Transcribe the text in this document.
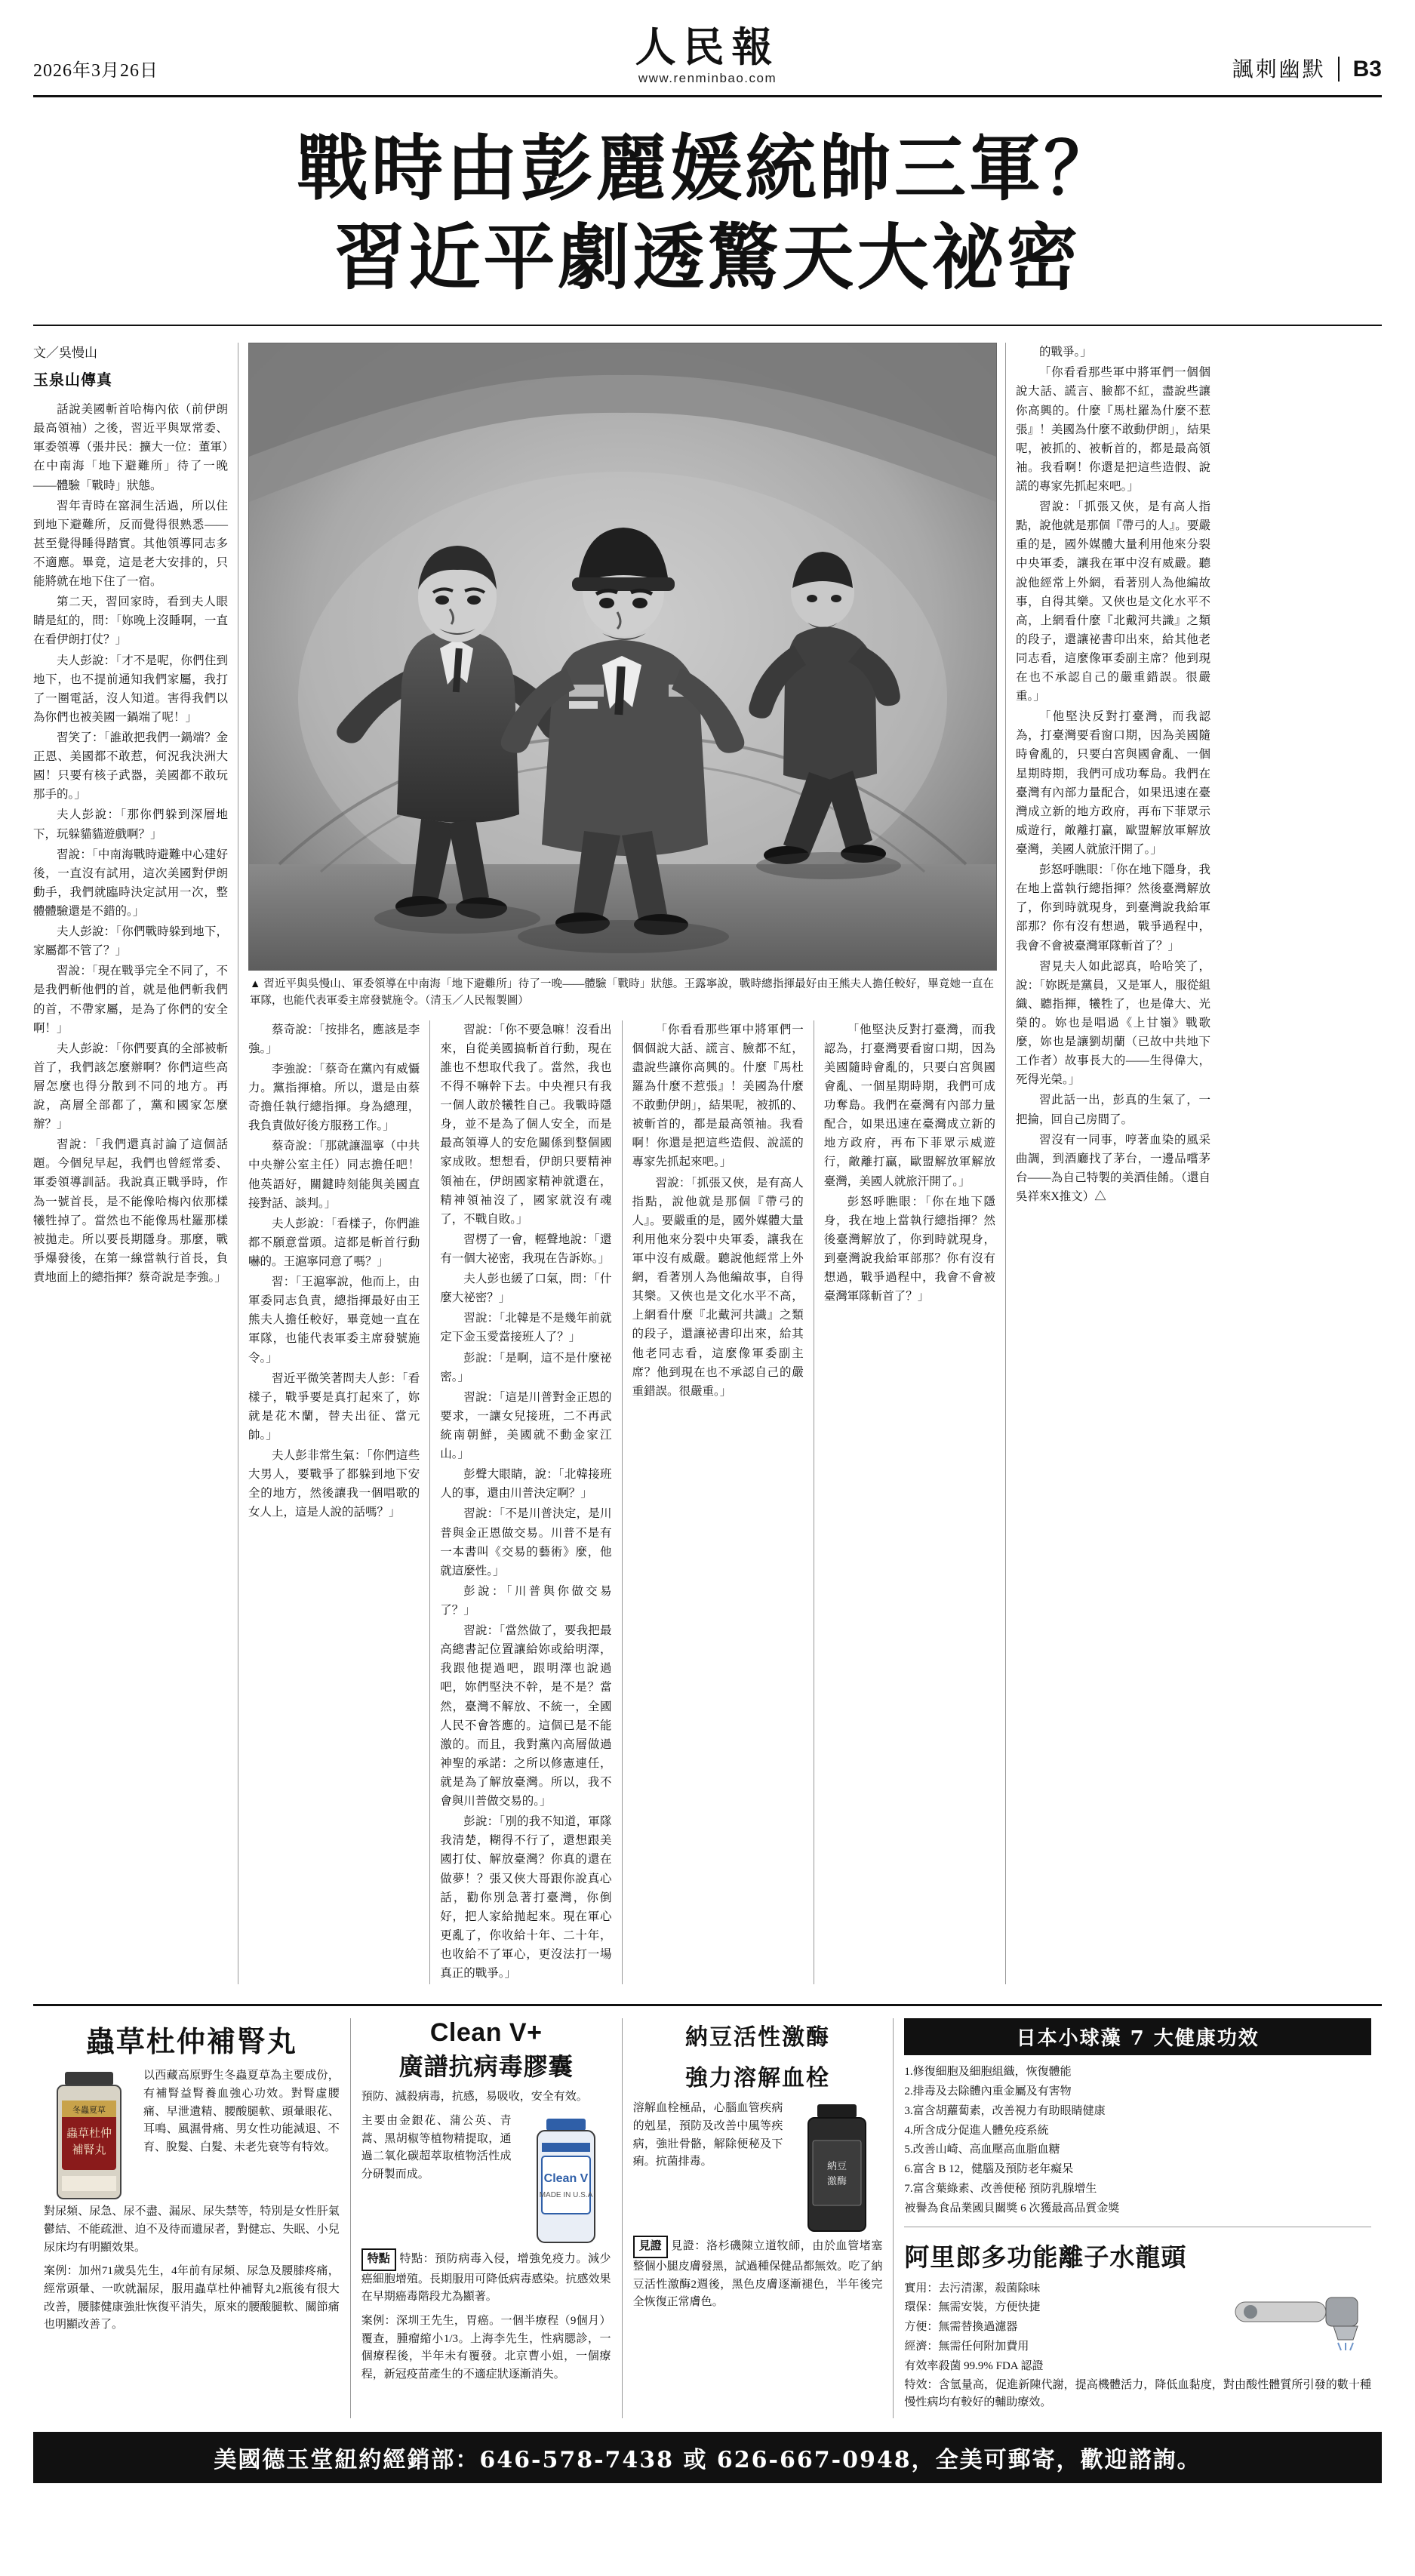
2026年3月26日	人民報
www.renminbao.com	諷刺幽默 B3
戰時由彭麗媛統帥三軍？
習近平劇透驚天大祕密
文／吳慢山
玉泉山傳真

話說美國斬首哈梅內依（前伊朗最高領袖）之後，習近平與眾常委、軍委領導（張井民：擴大一位：董軍）在中南海「地下避難所」待了一晚——體驗「戰時」狀態。

習年青時在窰洞生活過，所以住到地下避難所，反而覺得很熟悉——甚至覺得睡得踏實。其他領導同志多不適應。畢竟，這是老大安排的，只能將就在地下住了一宿。

第二天，習回家時，看到夫人眼睛是紅的，問：「妳晚上沒睡啊，一直在看伊朗打仗？」

夫人彭說：「才不是呢，你們住到地下，也不提前通知我們家屬，我打了一圈電話，沒人知道。害得我們以為你們也被美國一鍋端了呢！」

習笑了：「誰敢把我們一鍋端？金正恩、美國都不敢惹，何況我決洲大國！只要有核子武器，美國都不敢玩那手的。」

夫人彭說：「那你們躲到深層地下，玩躲貓貓遊戲啊？」

習說：「中南海戰時避難中心建好後，一直沒有試用，這次美國對伊朗動手，我們就臨時決定試用一次，整體體驗還是不錯的。」

夫人彭說：「你們戰時躲到地下，家屬都不管了？」

習說：「現在戰爭完全不同了，不是我們斬他們的首，就是他們斬我們的首，不帶家屬，是為了你們的安全啊！」

夫人彭說：「你們要真的全部被斬首了，我們該怎麼辦啊？你們這些高層怎麼也得分散到不同的地方。再說，高層全部都了，黨和國家怎麼辦？」

習說：「我們還真討論了這個話題。今個兒早起，我們也曾經常委、軍委領導訓話。我說真正戰爭時，作為一號首長，是不能像哈梅內依那樣犧牲掉了。當然也不能像馬杜羅那樣被拋走。所以要長期隱身。那麼，戰爭爆發後，在第一線當執行首長，負責地面上的總指揮？蔡奇說是李強。」

▲ 習近平與吳慢山、軍委領導在中南海「地下避難所」待了一晚——體驗「戰時」狀態。王露寧說，戰時總指揮最好由王熊夫人擔任較好，畢竟她一直在軍隊，也能代表軍委主席發號施令。（清玉／人民報製圖）

蔡奇說：「按排名，應該是李強。」

李強說：「蔡奇在黨內有威懾力。黨指揮槍。所以，還是由蔡奇擔任執行總指揮。身為總理，我負責做好後方服務工作。」

蔡奇說：「那就讓溫寧（中共中央辦公室主任）同志擔任吧！他英語好，關鍵時刻能與美國直接對話、談判。」

夫人彭說：「看樣子，你們誰都不願意當頭。這都是斬首行動嚇的。王滬寧同意了嗎？」

習：「王滬寧說，他而上，由軍委同志負責，總指揮最好由王熊夫人擔任較好，畢竟她一直在軍隊，也能代表軍委主席發號施令。」

習近平微笑著問夫人彭：「看樣子，戰爭要是真打起來了，妳就是花木蘭，替夫出征、當元帥。」

夫人彭非常生氣：「你們這些大男人，要戰爭了都躲到地下安全的地方，然後讓我一個唱歌的女人上，這是人說的話嗎？」

習說：「你不要急嘛！沒看出來，自從美國搞斬首行動，現在誰也不想取代我了。當然，我也不得不嘛幹下去。中央裡只有我一個人敢於犧牲自己。我戰時隱身，並不是為了個人安全，而是最高領導人的安危關係到整個國家成敗。想想看，伊朗只要精神領袖在，伊朗國家精神就還在，精神領袖沒了，國家就沒有魂了，不戰自敗。」

習楞了一會，輕聲地說：「還有一個大祕密，我現在告訴妳。」

夫人彭也緩了口氣，問：「什麼大祕密？」

習說：「北韓是不是幾年前就定下金玉愛當接班人了？」

彭說：「是啊，這不是什麼祕密。」

習說：「這是川普對金正恩的要求，一讓女兒接班，二不再武統南朝鮮，美國就不動金家江山。」

彭聲大眼睛，說：「北韓接班人的事，還由川普決定啊？」

習說：「不是川普決定，是川普與金正恩做交易。川普不是有一本書叫《交易的藝術》麼，他就這麼性。」

彭說：「川普與你做交易了？」

習說：「當然做了，要我把最高總書記位置讓給妳或給明澤，我跟他提過吧，跟明澤也說過吧，妳們堅決不幹，是不是？當然，臺灣不解放、不統一，全國人民不會答應的。這個已是不能激的。而且，我對黨內高層做過神聖的承諾：之所以修憲連任，就是為了解放臺灣。所以，我不會與川普做交易的。」

彭說：「別的我不知道，軍隊我清楚，糊得不行了，還想跟美國打仗、解放臺灣？你真的還在做夢！？張又俠大哥跟你說真心話，勸你別急著打臺灣，你倒好，把人家給拋起來。現在軍心更亂了，你收給十年、二十年，也收給不了軍心，更沒法打一場真正的戰爭。」

「你看看那些軍中將軍們一個個說大話、謊言、臉都不紅，盡說些讓你高興的。什麼『馬杜羅為什麼不惹張』！美國為什麼不敢動伊朗」，結果呢，被抓的、被斬首的，都是最高領袖。我看啊！你還是把這些造假、說謊的專家先抓起來吧。」

習說：「抓張又俠，是有高人指點，說他就是那個『帶弓的人』。要嚴重的是，國外媒體大量利用他來分裂中央軍委，讓我在軍中沒有威嚴。聽說他經常上外網，看著別人為他編故事，自得其樂。又俠也是文化水平不高，上網看什麼『北戴河共識』之類的段子，還讓祕書印出來，給其他老同志看，這麼像軍委副主席？他到現在也不承認自己的嚴重錯誤。很嚴重。」

「他堅決反對打臺灣，而我認為，打臺灣要看窗口期，因為美國隨時會亂的，只要白宮與國會亂、一個星期時期，我們可成功奪島。我們在臺灣有內部力量配合，如果迅速在臺灣成立新的地方政府，再布下菲眾示威遊行，敵離打贏，歐盟解放軍解放臺灣，美國人就旅汗開了。」

彭怒呼瞧眼：「你在地下隱身，我在地上當執行總指揮？然後臺灣解放了，你到時就現身，到臺灣說我給軍部那？你有沒有想過，戰爭過程中，我會不會被臺灣軍隊斬首了？」

的戰爭。」

「你看看那些軍中將軍們一個個說大話、謊言、臉都不紅，盡說些讓你高興的。什麼『馬杜羅為什麼不惹張』！美國為什麼不敢動伊朗」，結果呢，被抓的、被斬首的，都是最高領袖。我看啊！你還是把這些造假、說謊的專家先抓起來吧。」

習說：「抓張又俠，是有高人指點，說他就是那個『帶弓的人』。要嚴重的是，國外媒體大量利用他來分裂中央軍委，讓我在軍中沒有威嚴。聽說他經常上外網，看著別人為他編故事，自得其樂。又俠也是文化水平不高，上網看什麼『北戴河共識』之類的段子，還讓祕書印出來，給其他老同志看，這麼像軍委副主席？他到現在也不承認自己的嚴重錯誤。很嚴重。」

「他堅決反對打臺灣，而我認為，打臺灣要看窗口期，因為美國隨時會亂的，只要白宮與國會亂、一個星期時期，我們可成功奪島。我們在臺灣有內部力量配合，如果迅速在臺灣成立新的地方政府，再布下菲眾示威遊行，敵離打贏，歐盟解放軍解放臺灣，美國人就旅汗開了。」

彭怒呼瞧眼：「你在地下隱身，我在地上當執行總指揮？然後臺灣解放了，你到時就現身，到臺灣說我給軍部那？你有沒有想過，戰爭過程中，我會不會被臺灣軍隊斬首了？」

習見夫人如此認真，哈哈笑了，說：「妳既是黨員，又是軍人，服從組織、聽指揮，犧牲了，也是偉大、光榮的。妳也是唱過《上甘嶺》戰歌麼，妳也是讓劉胡蘭（已故中共地下工作者）故事長大的——生得偉大，死得光榮。」

習此話一出，彭真的生氣了，一把掄，回自己房間了。

習沒有一同事，哼著血染的風采曲調，到酒廳找了茅台，一邊品嚐茅台——為自己特製的美酒佳餚。（還自吳祥來X推文）△

蟲草杜仲補腎丸
冬蟲夏草
蟲草杜仲
補腎丸

以西藏高原野生冬蟲夏草為主要成份，有補腎益腎養血強心功效。對腎虛腰痛、早泄遺精、腰酸腿軟、頭暈眼花、耳鳴、風濕骨痛、男女性功能減退、不育、脫髮、白髮、未老先衰等有特效。

對尿頻、尿急、尿不盡、漏尿、尿失禁等，特別是女性肝氣鬱結、不能疏泄、迫不及待而遺尿者，對健忘、失眠、小兒尿床均有明顯效果。

案例：加州71歲吳先生，4年前有尿頻、尿急及腰膝疼痛，經常頭暈、一吹就漏尿，服用蟲草杜仲補腎丸2瓶後有很大改善，腰膝健康強壯恢復平消失，原來的腰酸腿軟、關節痛也明顯改善了。

Clean V+
廣譜抗病毒膠囊

預防、滅殺病毒，抗感，易吸收，安全有效。

主要由金銀花、蒲公英、青蒿、黑胡椒等植物精提取，通過二氧化碳超萃取植物活性成分研製而成。	Clean V
MADE IN U.S.A

特點 特點：預防病毒入侵，增強免疫力。減少癌細胞增殖。長期服用可降低病毒感染。抗感效果在早期癌毒階段尤為顯著。

案例：深圳王先生，胃癌。一個半療程（9個月）覆查，腫瘤縮小1/3。上海李先生，性病腮診，一個療程後，半年未有覆發。北京曹小姐，一個療程，新冠疫苗產生的不適症狀逐漸消失。

納豆活性激酶
強力溶解血栓

溶解血栓極品，心腦血管疾病的剋星，預防及改善中風等疾病，強壯骨骼，解除便秘及下痢。抗菌排毒。	納豆
激酶

見證 見證：洛杉磯陳立道牧師，由於血管堵塞整個小腿皮膚發黑，試過種保健品都無效。吃了納豆活性激酶2週後，黑色皮膚逐漸褪色，半年後完全恢復正常膚色。

日本小球藻 7 大健康功效
1.修復細胞及細胞組織，恢復體能
2.排毒及去除體內重金屬及有害物
3.富含胡蘿蔔素，改善視力有助眼睛健康
4.所含成分促進人體免疫系統
5.改善山崎、高血壓高血脂血糖
6.富含 B 12，健腦及預防老年癡呆
7.富含葉綠素、改善便秘 預防乳腺增生
被譽為食品業國貝關獎 6 次獲最高品質金獎
阿里郎多功能離子水龍頭
實用：去污清潔，殺菌除味
環保：無需安裝，方便快捷
方便：無需替換過濾器
經濟：無需任何附加費用
有效率殺菌 99.9% FDA 認證

特效：含氫量高，促進新陳代謝，提高機體活力，降低血黏度，對由酸性體質所引發的數十種慢性病均有較好的輔助療效。

美國德玉堂紐約經銷部：646-578-7438 或 626-667-0948，全美可郵寄，歡迎諮詢。
